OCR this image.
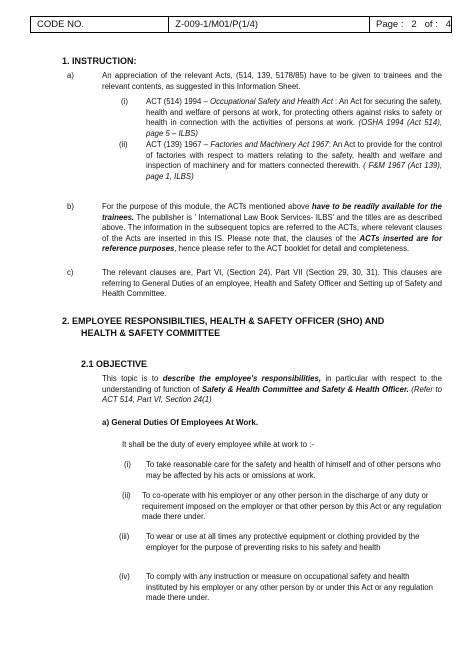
CODE NO.	Z-009-1/M01/P(1/4)	Page :   2   of :   4
1. INSTRUCTION:
a)	An appreciation of the relevant Acts, (514, 139, 5178/85) have to be given to trainees and the relevant contents, as suggested in this Information Sheet.

(i) ACT (514) 1994 – Occupational Safety and Health Act : An Act for securing the safety, health and welfare of persons at work, for protecting others against risks to safety or health in connection with the activities of persons at work. (OSHA 1994 (Act 514), page 5 – ILBS)

(ii) ACT (139) 1967 – Factories and Machinery Act 1967: An Act to provide for the control of factories with respect to matters relating to the safety, health and welfare and inspection of machinery and for matters connected therewith. ( F&M 1967 (Act 139), page 1, ILBS)

b)	For the purpose of this module, the ACTs mentioned above have to be readily available for the trainees. The publisher is ' International Law Book Services- ILBS' and the titles are as described above. The information in the subsequent topics are referred to the ACTs, where relevant clauses of the Acts are inserted in this IS. Please note that, the clauses of the ACTs inserted are for reference purposes, hence please refer to the ACT booklet for detail and completeness.

c)	The relevant clauses are, Part VI, (Section 24), Part VII (Section 29, 30, 31). This clauses are referring to General Duties of an employee, Health and Safety Officer and Setting up of Safety and Health Committee.

2. EMPLOYEE RESPONSIBILTIES, HEALTH & SAFETY OFFICER (SHO) AND
HEALTH & SAFETY COMMITTEE
2.1 OBJECTIVE

This topic is to describe the employee's responsibilities, in particular with respect to the understanding of function of Safety & Health Committee and Safety & Health Officer. (Refer to ACT 514, Part VI, Section 24(1)

a) General Duties Of Employees At Work.
It shall be the duty of every employee while at work to :-
(i) To take reasonable care for the safety and health of himself and of other persons who may be affected by his acts or omissions at work.

(ii) To co-operate with his employer or any other person in the discharge of any duty or requirement imposed on the employer or that other person by this Act or any regulation made there under.

(iii) To wear or use at all times any protective equipment or clothing provided by the employer for the purpose of preventing risks to his safety and health

(iv) To comply with any instruction or measure on occupational safety and health instituted by his employer or any other person by or under this Act or any regulation made there under.
